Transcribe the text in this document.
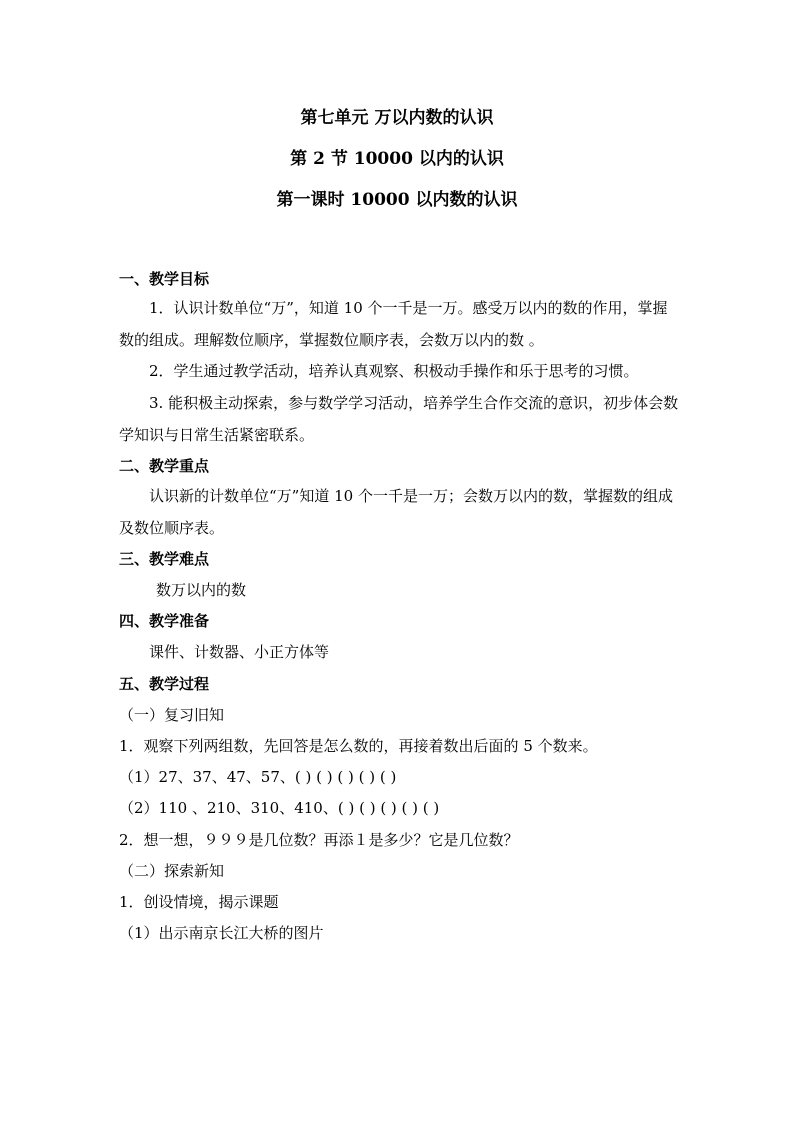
第七单元 万以内数的认识
第 2 节 10000 以内的认识
第一课时 10000 以内数的认识
一、教学目标
1．认识计数单位“万”，知道 10 个一千是一万。感受万以内的数的作用，掌握数的组成。理解数位顺序，掌握数位顺序表，会数万以内的数 。
2．学生通过教学活动，培养认真观察、积极动手操作和乐于思考的习惯。
3. 能积极主动探索，参与数学学习活动，培养学生合作交流的意识，初步体会数学知识与日常生活紧密联系。
二、教学重点
认识新的计数单位“万”知道 10 个一千是一万；会数万以内的数，掌握数的组成及数位顺序表。
三、教学难点
数万以内的数
四、教学准备
课件、计数器、小正方体等
五、教学过程
（一）复习旧知
1．观察下列两组数，先回答是怎么数的，再接着数出后面的 5 个数来。
（1）27、37、47、57、( ) ( ) ( ) ( ) ( )
（2）110 、210、310、410、( ) ( ) ( ) ( ) ( )
2．想一想，９９９是几位数？再添１是多少？它是几位数？
（二）探索新知
1．创设情境，揭示课题
（1）出示南京长江大桥的图片
